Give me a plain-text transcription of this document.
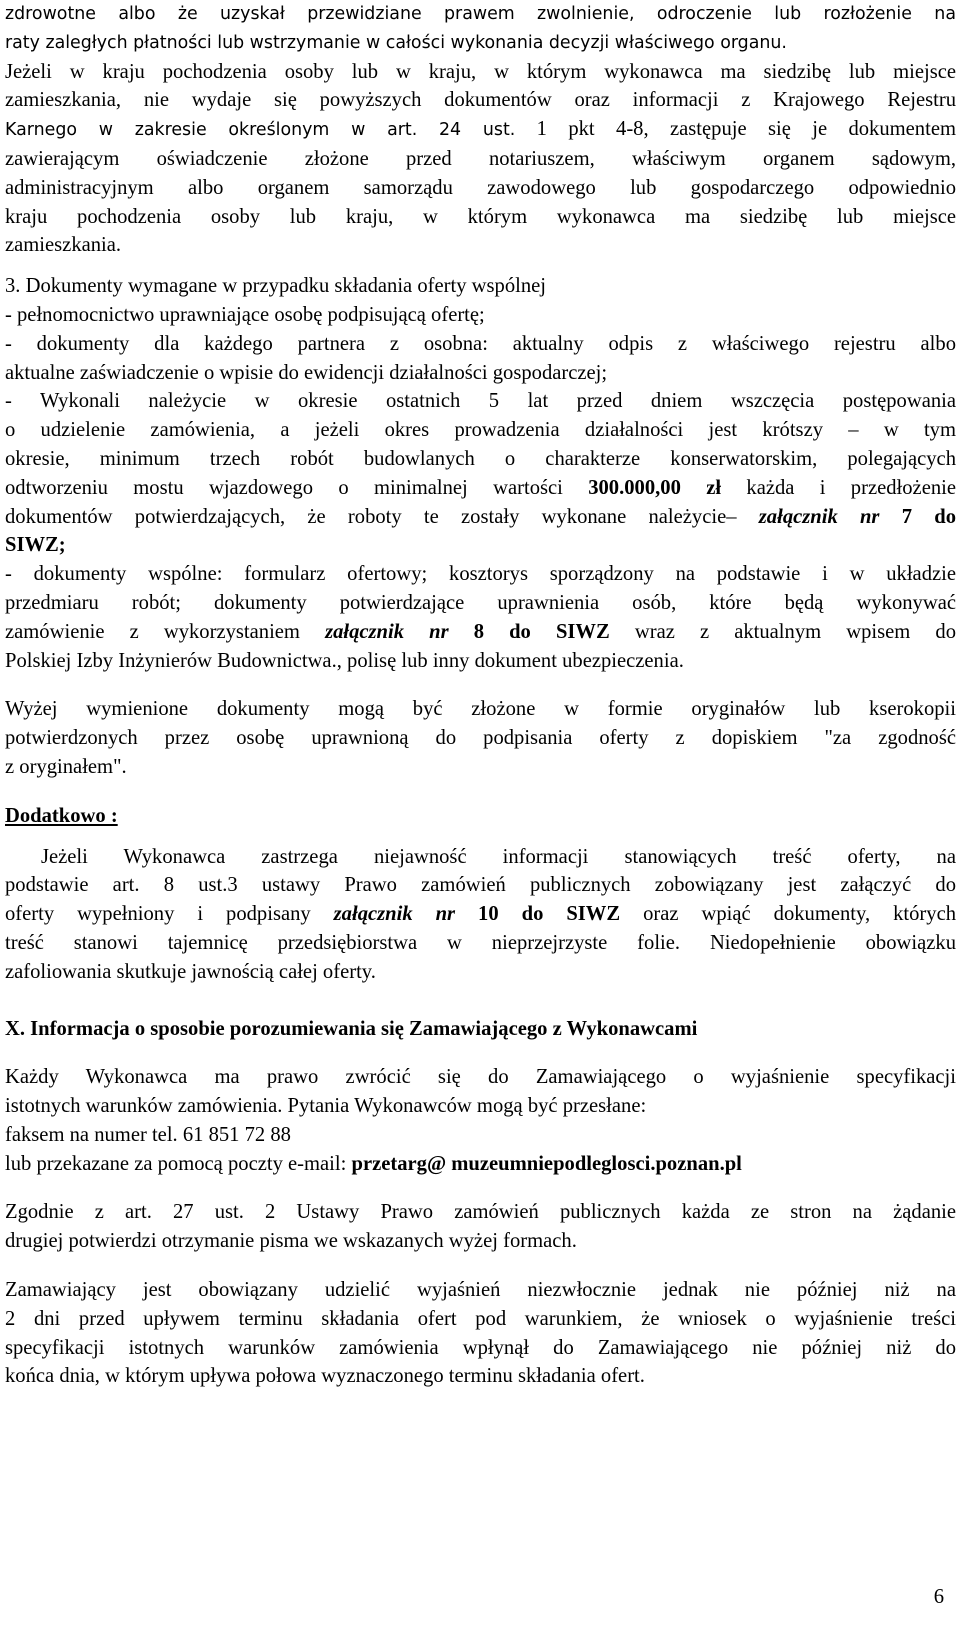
zdrowotne albo że uzyskał przewidziane prawem zwolnienie, odroczenie lub rozłożenie na
raty zaległych płatności lub wstrzymanie w całości wykonania decyzji właściwego organu.
Jeżeli w kraju pochodzenia osoby lub w kraju, w którym wykonawca ma siedzibę lub miejsce
zamieszkania, nie wydaje się powyższych dokumentów oraz informacji z Krajowego Rejestru
Karnego w zakresie określonym w art. 24 ust. 1 pkt 4-8, zastępuje się je dokumentem
zawierającym oświadczenie złożone przed notariuszem, właściwym organem sądowym,
administracyjnym albo organem samorządu zawodowego lub gospodarczego odpowiednio
kraju pochodzenia osoby lub kraju, w którym wykonawca ma siedzibę lub miejsce
zamieszkania.
3. Dokumenty wymagane w przypadku składania oferty wspólnej
- pełnomocnictwo uprawniające osobę podpisującą ofertę;
- dokumenty dla każdego partnera z osobna: aktualny odpis z właściwego rejestru albo
aktualne zaświadczenie o wpisie do ewidencji działalności gospodarczej;
- Wykonali należycie w okresie ostatnich 5 lat przed dniem wszczęcia postępowania
o udzielenie zamówienia, a jeżeli okres prowadzenia działalności jest krótszy – w tym
okresie, minimum trzech robót budowlanych o charakterze konserwatorskim, polegających
odtworzeniu mostu wjazdowego o minimalnej wartości 300.000,00 zł każda i przedłożenie
dokumentów potwierdzających, że roboty te zostały wykonane należycie– załącznik nr 7 do
SIWZ;
- dokumenty wspólne: formularz ofertowy; kosztorys sporządzony na podstawie i w układzie
przedmiaru robót; dokumenty potwierdzające uprawnienia osób, które będą wykonywać
zamówienie z wykorzystaniem załącznik nr 8 do SIWZ wraz z aktualnym wpisem do
Polskiej Izby Inżynierów Budownictwa., polisę lub inny dokument ubezpieczenia.
Wyżej wymienione dokumenty mogą być złożone w formie oryginałów lub kserokopii
potwierdzonych przez osobę uprawnioną do podpisania oferty z dopiskiem "za zgodność
z oryginałem".
Dodatkowo :
Jeżeli Wykonawca zastrzega niejawność informacji stanowiących treść oferty, na
podstawie art. 8 ust.3 ustawy Prawo zamówień publicznych zobowiązany jest załączyć do
oferty wypełniony i podpisany załącznik nr 10 do SIWZ oraz wpiąć dokumenty, których
treść stanowi tajemnicę przedsiębiorstwa w nieprzejrzyste folie. Niedopełnienie obowiązku
zafoliowania skutkuje jawnością całej oferty.
X. Informacja o sposobie porozumiewania się Zamawiającego z Wykonawcami
Każdy Wykonawca ma prawo zwrócić się do Zamawiającego o wyjaśnienie specyfikacji
istotnych warunków zamówienia. Pytania Wykonawców mogą być przesłane:
faksem na numer tel. 61 851 72 88
lub przekazane za pomocą poczty e-mail: przetarg@ muzeumniepodleglosci.poznan.pl
Zgodnie z art. 27 ust. 2 Ustawy Prawo zamówień publicznych każda ze stron na żądanie
drugiej potwierdzi otrzymanie pisma we wskazanych wyżej formach.
Zamawiający jest obowiązany udzielić wyjaśnień niezwłocznie jednak nie później niż na
2 dni przed upływem terminu składania ofert pod warunkiem, że wniosek o wyjaśnienie treści
specyfikacji istotnych warunków zamówienia wpłynął do Zamawiającego nie później niż do
końca dnia, w którym upływa połowa wyznaczonego terminu składania ofert.
6
